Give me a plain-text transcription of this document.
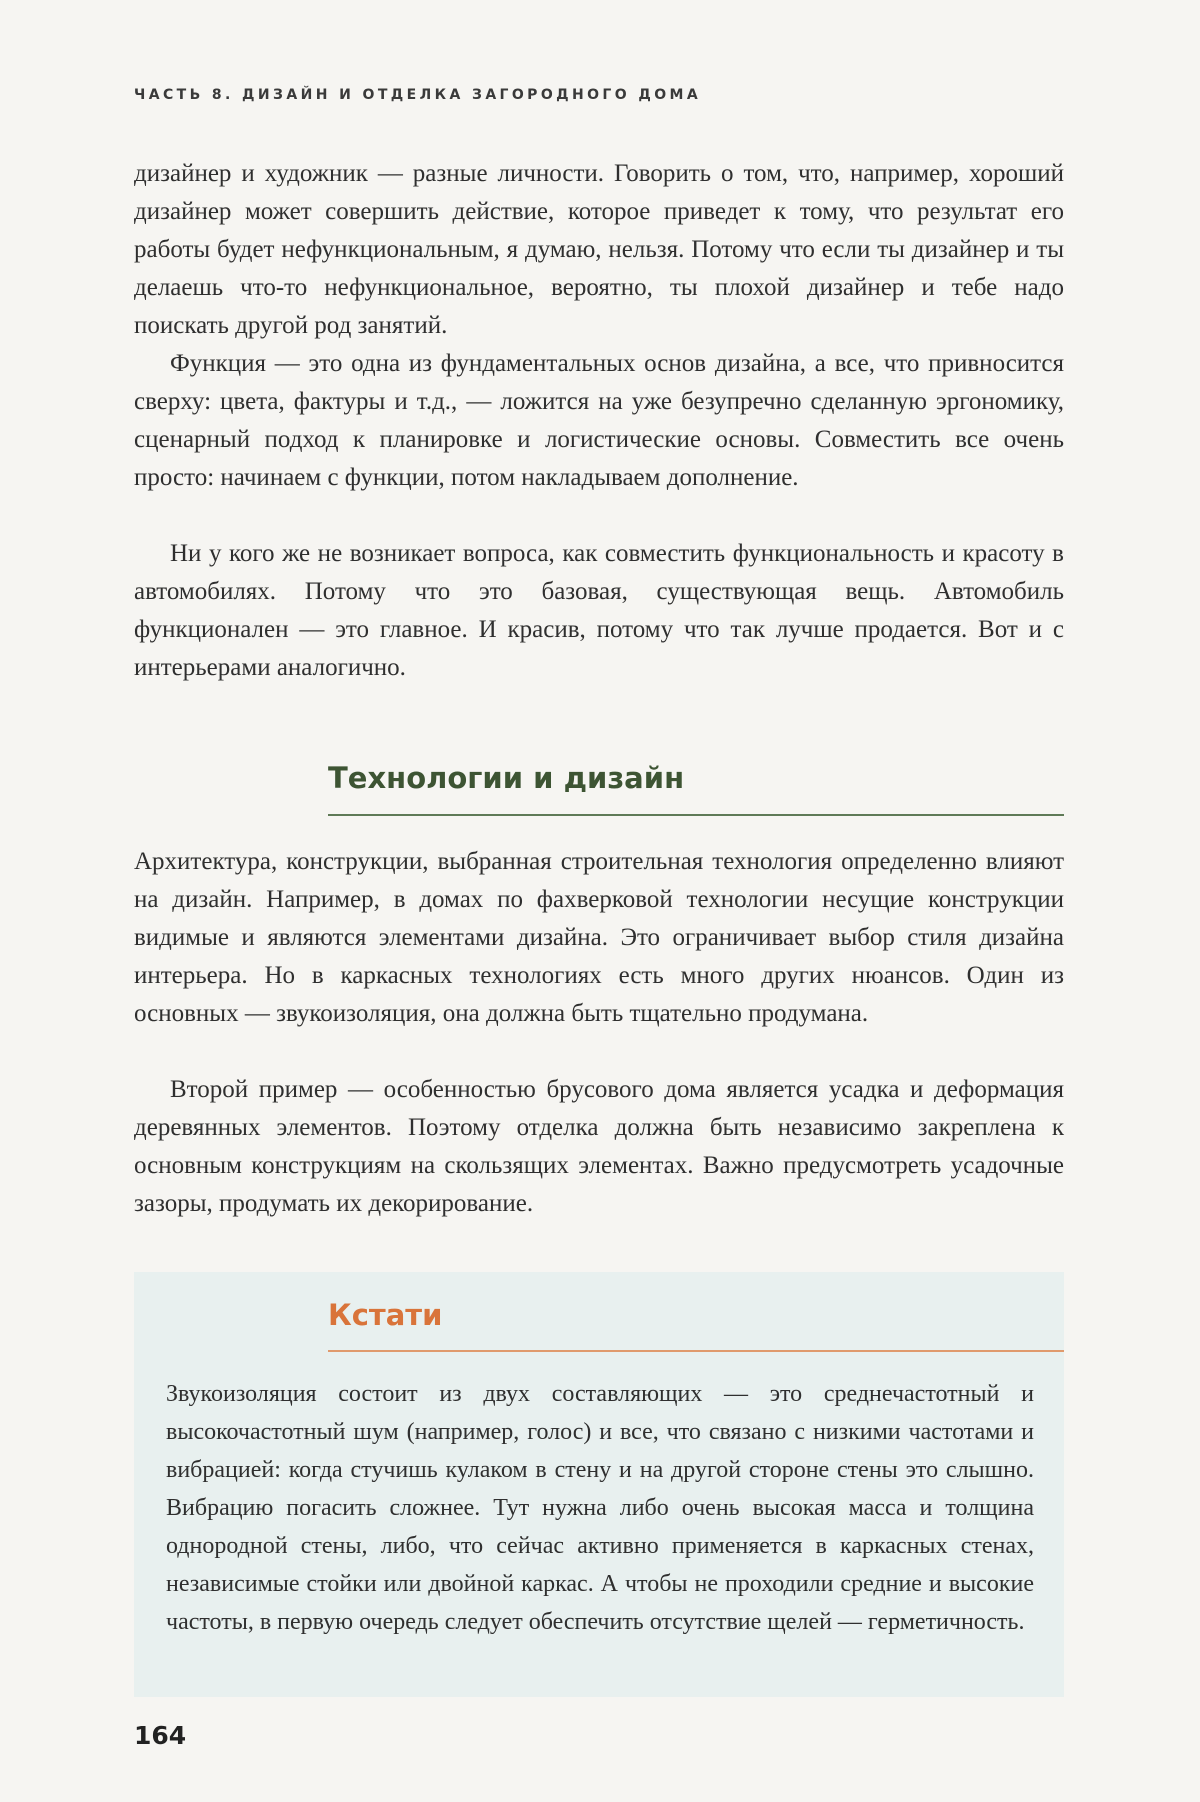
ЧАСТЬ 8. ДИЗАЙН И ОТДЕЛКА ЗАГОРОДНОГО ДОМА

дизайнер и художник — разные личности. Говорить о том, что, например, хороший дизайнер может совершить действие, которое приведет к тому, что результат его работы будет нефункциональным, я думаю, нельзя. Потому что если ты дизайнер и ты делаешь что-то нефункциональное, вероятно, ты плохой дизайнер и тебе надо поискать другой род занятий.

Функция — это одна из фундаментальных основ дизайна, а все, что привносится сверху: цвета, фактуры и т.д., — ложится на уже безупречно сделанную эргономику, сценарный подход к планировке и логистические основы. Совместить все очень просто: начинаем с функции, потом накладываем дополнение.

Ни у кого же не возникает вопроса, как совместить функциональность и красоту в автомобилях. Потому что это базовая, существующая вещь. Автомобиль функционален — это главное. И красив, потому что так лучше продается. Вот и с интерьерами аналогично.

Технологии и дизайн

Архитектура, конструкции, выбранная строительная технология определенно влияют на дизайн. Например, в домах по фахверковой технологии несущие конструкции видимые и являются элементами дизайна. Это ограничивает выбор стиля дизайна интерьера. Но в каркасных технологиях есть много других нюансов. Один из основных — звукоизоляция, она должна быть тщательно продумана.

Второй пример — особенностью брусового дома является усадка и деформация деревянных элементов. Поэтому отделка должна быть независимо закреплена к основным конструкциям на скользящих элементах. Важно предусмотреть усадочные зазоры, продумать их декорирование.

Кстати

Звукоизоляция состоит из двух составляющих — это среднечастотный и высокочастотный шум (например, голос) и все, что связано с низкими частотами и вибрацией: когда стучишь кулаком в стену и на другой стороне стены это слышно. Вибрацию погасить сложнее. Тут нужна либо очень высокая масса и толщина однородной стены, либо, что сейчас активно применяется в каркасных стенах, независимые стойки или двойной каркас. А чтобы не проходили средние и высокие частоты, в первую очередь следует обеспечить отсутствие щелей — герметичность.

164
